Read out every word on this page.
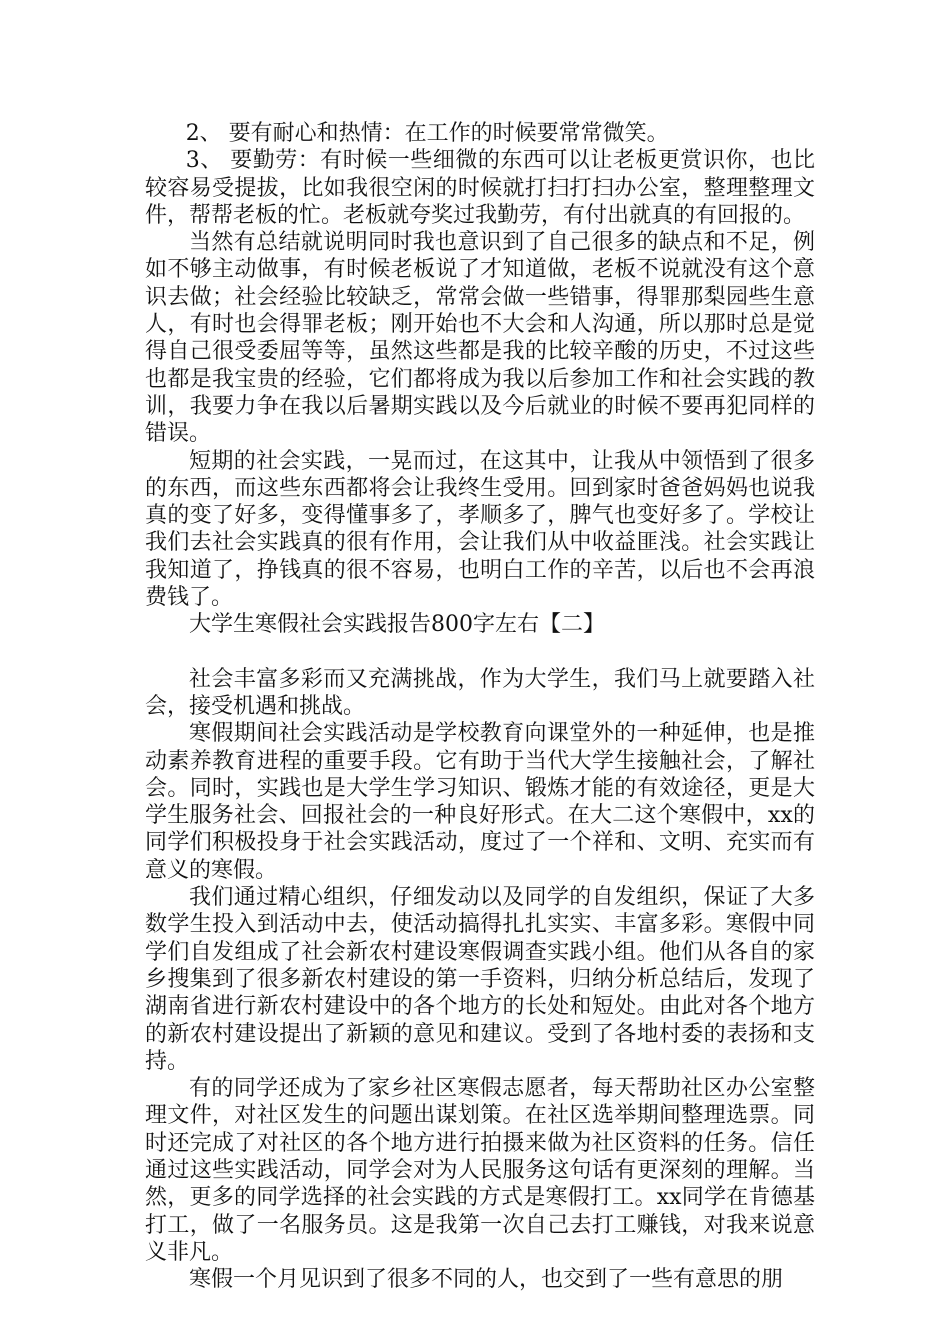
2、 要有耐心和热情：在工作的时候要常常微笑。

3、 要勤劳：有时候一些细微的东西可以让老板更赏识你，也比较容易受提拔，比如我很空闲的时候就打扫打扫办公室，整理整理文件，帮帮老板的忙。老板就夸奖过我勤劳，有付出就真的有回报的。

当然有总结就说明同时我也意识到了自己很多的缺点和不足，例如不够主动做事，有时候老板说了才知道做，老板不说就没有这个意识去做；社会经验比较缺乏，常常会做一些错事，得罪那梨园些生意人，有时也会得罪老板；刚开始也不大会和人沟通，所以那时总是觉得自己很受委屈等等，虽然这些都是我的比较辛酸的历史，不过这些也都是我宝贵的经验，它们都将成为我以后参加工作和社会实践的教训，我要力争在我以后暑期实践以及今后就业的时候不要再犯同样的错误。

短期的社会实践，一晃而过，在这其中，让我从中领悟到了很多的东西，而这些东西都将会让我终生受用。回到家时爸爸妈妈也说我真的变了好多，变得懂事多了，孝顺多了，脾气也变好多了。学校让我们去社会实践真的很有作用，会让我们从中收益匪浅。社会实践让我知道了，挣钱真的很不容易，也明白工作的辛苦，以后也不会再浪费钱了。

大学生寒假社会实践报告800字左右【二】

社会丰富多彩而又充满挑战，作为大学生，我们马上就要踏入社会，接受机遇和挑战。

寒假期间社会实践活动是学校教育向课堂外的一种延伸，也是推动素养教育进程的重要手段。它有助于当代大学生接触社会，了解社会。同时，实践也是大学生学习知识、锻炼才能的有效途径，更是大学生服务社会、回报社会的一种良好形式。在大二这个寒假中，xx的同学们积极投身于社会实践活动，度过了一个祥和、文明、充实而有意义的寒假。

我们通过精心组织，仔细发动以及同学的自发组织，保证了大多数学生投入到活动中去，使活动搞得扎扎实实、丰富多彩。寒假中同学们自发组成了社会新农村建设寒假调查实践小组。他们从各自的家乡搜集到了很多新农村建设的第一手资料，归纳分析总结后，发现了湖南省进行新农村建设中的各个地方的长处和短处。由此对各个地方的新农村建设提出了新颖的意见和建议。受到了各地村委的表扬和支持。

有的同学还成为了家乡社区寒假志愿者，每天帮助社区办公室整理文件，对社区发生的问题出谋划策。在社区选举期间整理选票。同时还完成了对社区的各个地方进行拍摄来做为社区资料的任务。信任通过这些实践活动，同学会对为人民服务这句话有更深刻的理解。当然，更多的同学选择的社会实践的方式是寒假打工。xx同学在肯德基打工，做了一名服务员。这是我第一次自己去打工赚钱，对我来说意义非凡。

寒假一个月见识到了很多不同的人，也交到了一些有意思的朋
